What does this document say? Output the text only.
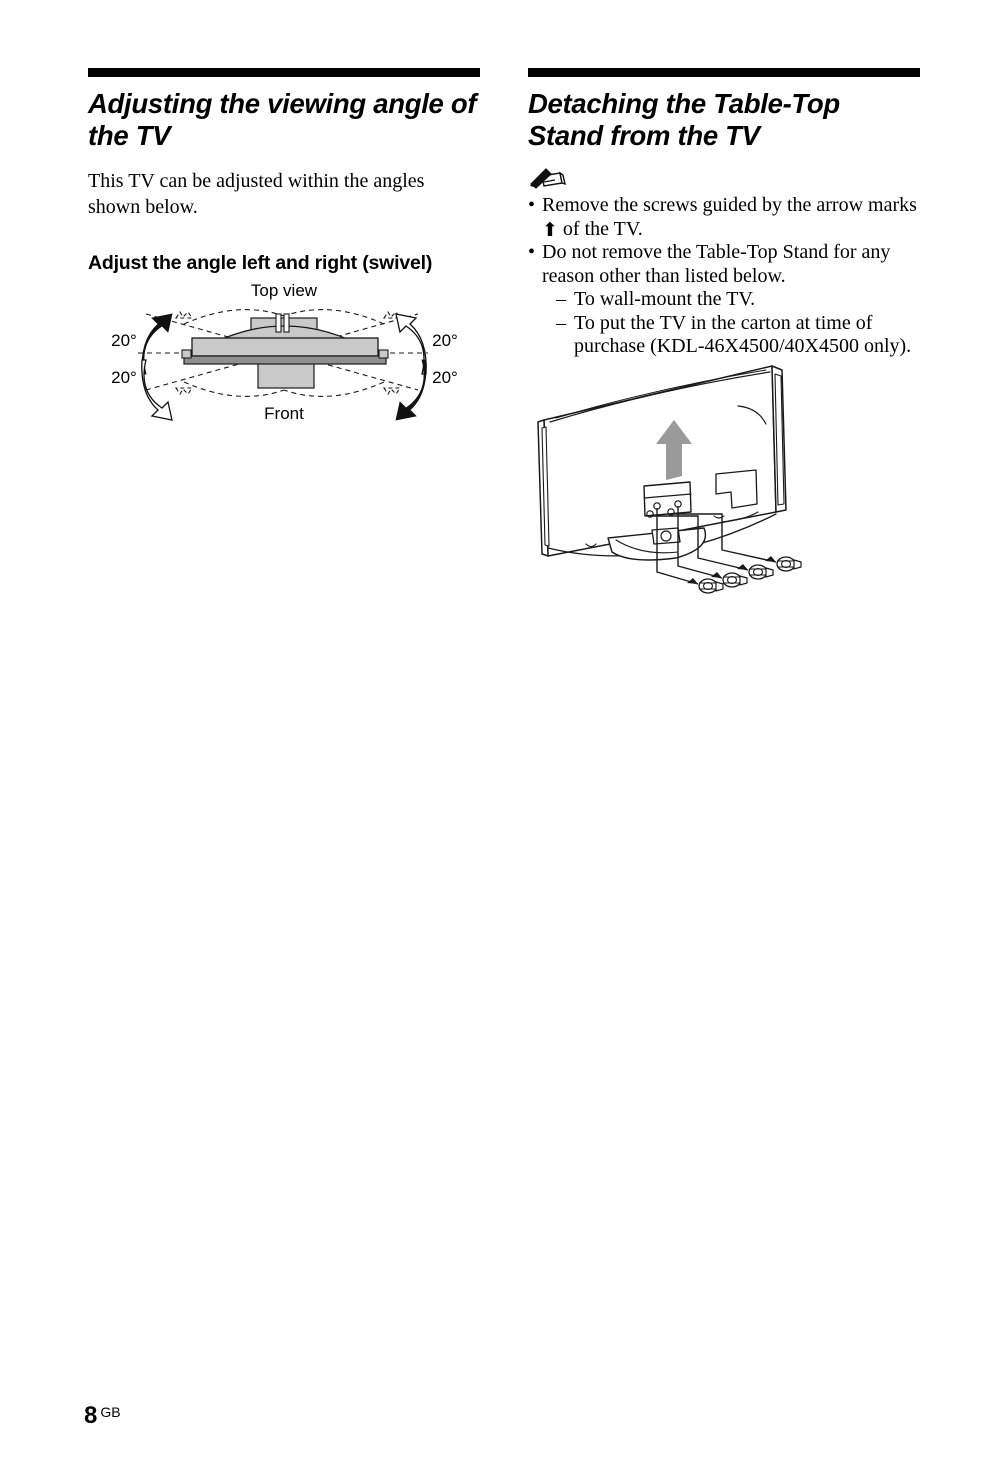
Adjusting the viewing angle of the TV

This TV can be adjusted within the angles shown below.

Adjust the angle left and right (swivel)
Top view
Front
20°
20°
20°
20°
Detaching the Table-Top Stand from the TV
• Remove the screws guided by the arrow marks ⬆ of the TV.
• Do not remove the Table-Top Stand for any reason other than listed below.
– To wall-mount the TV.
– To put the TV in the carton at time of purchase (KDL-46X4500/40X4500 only).
8 GB
